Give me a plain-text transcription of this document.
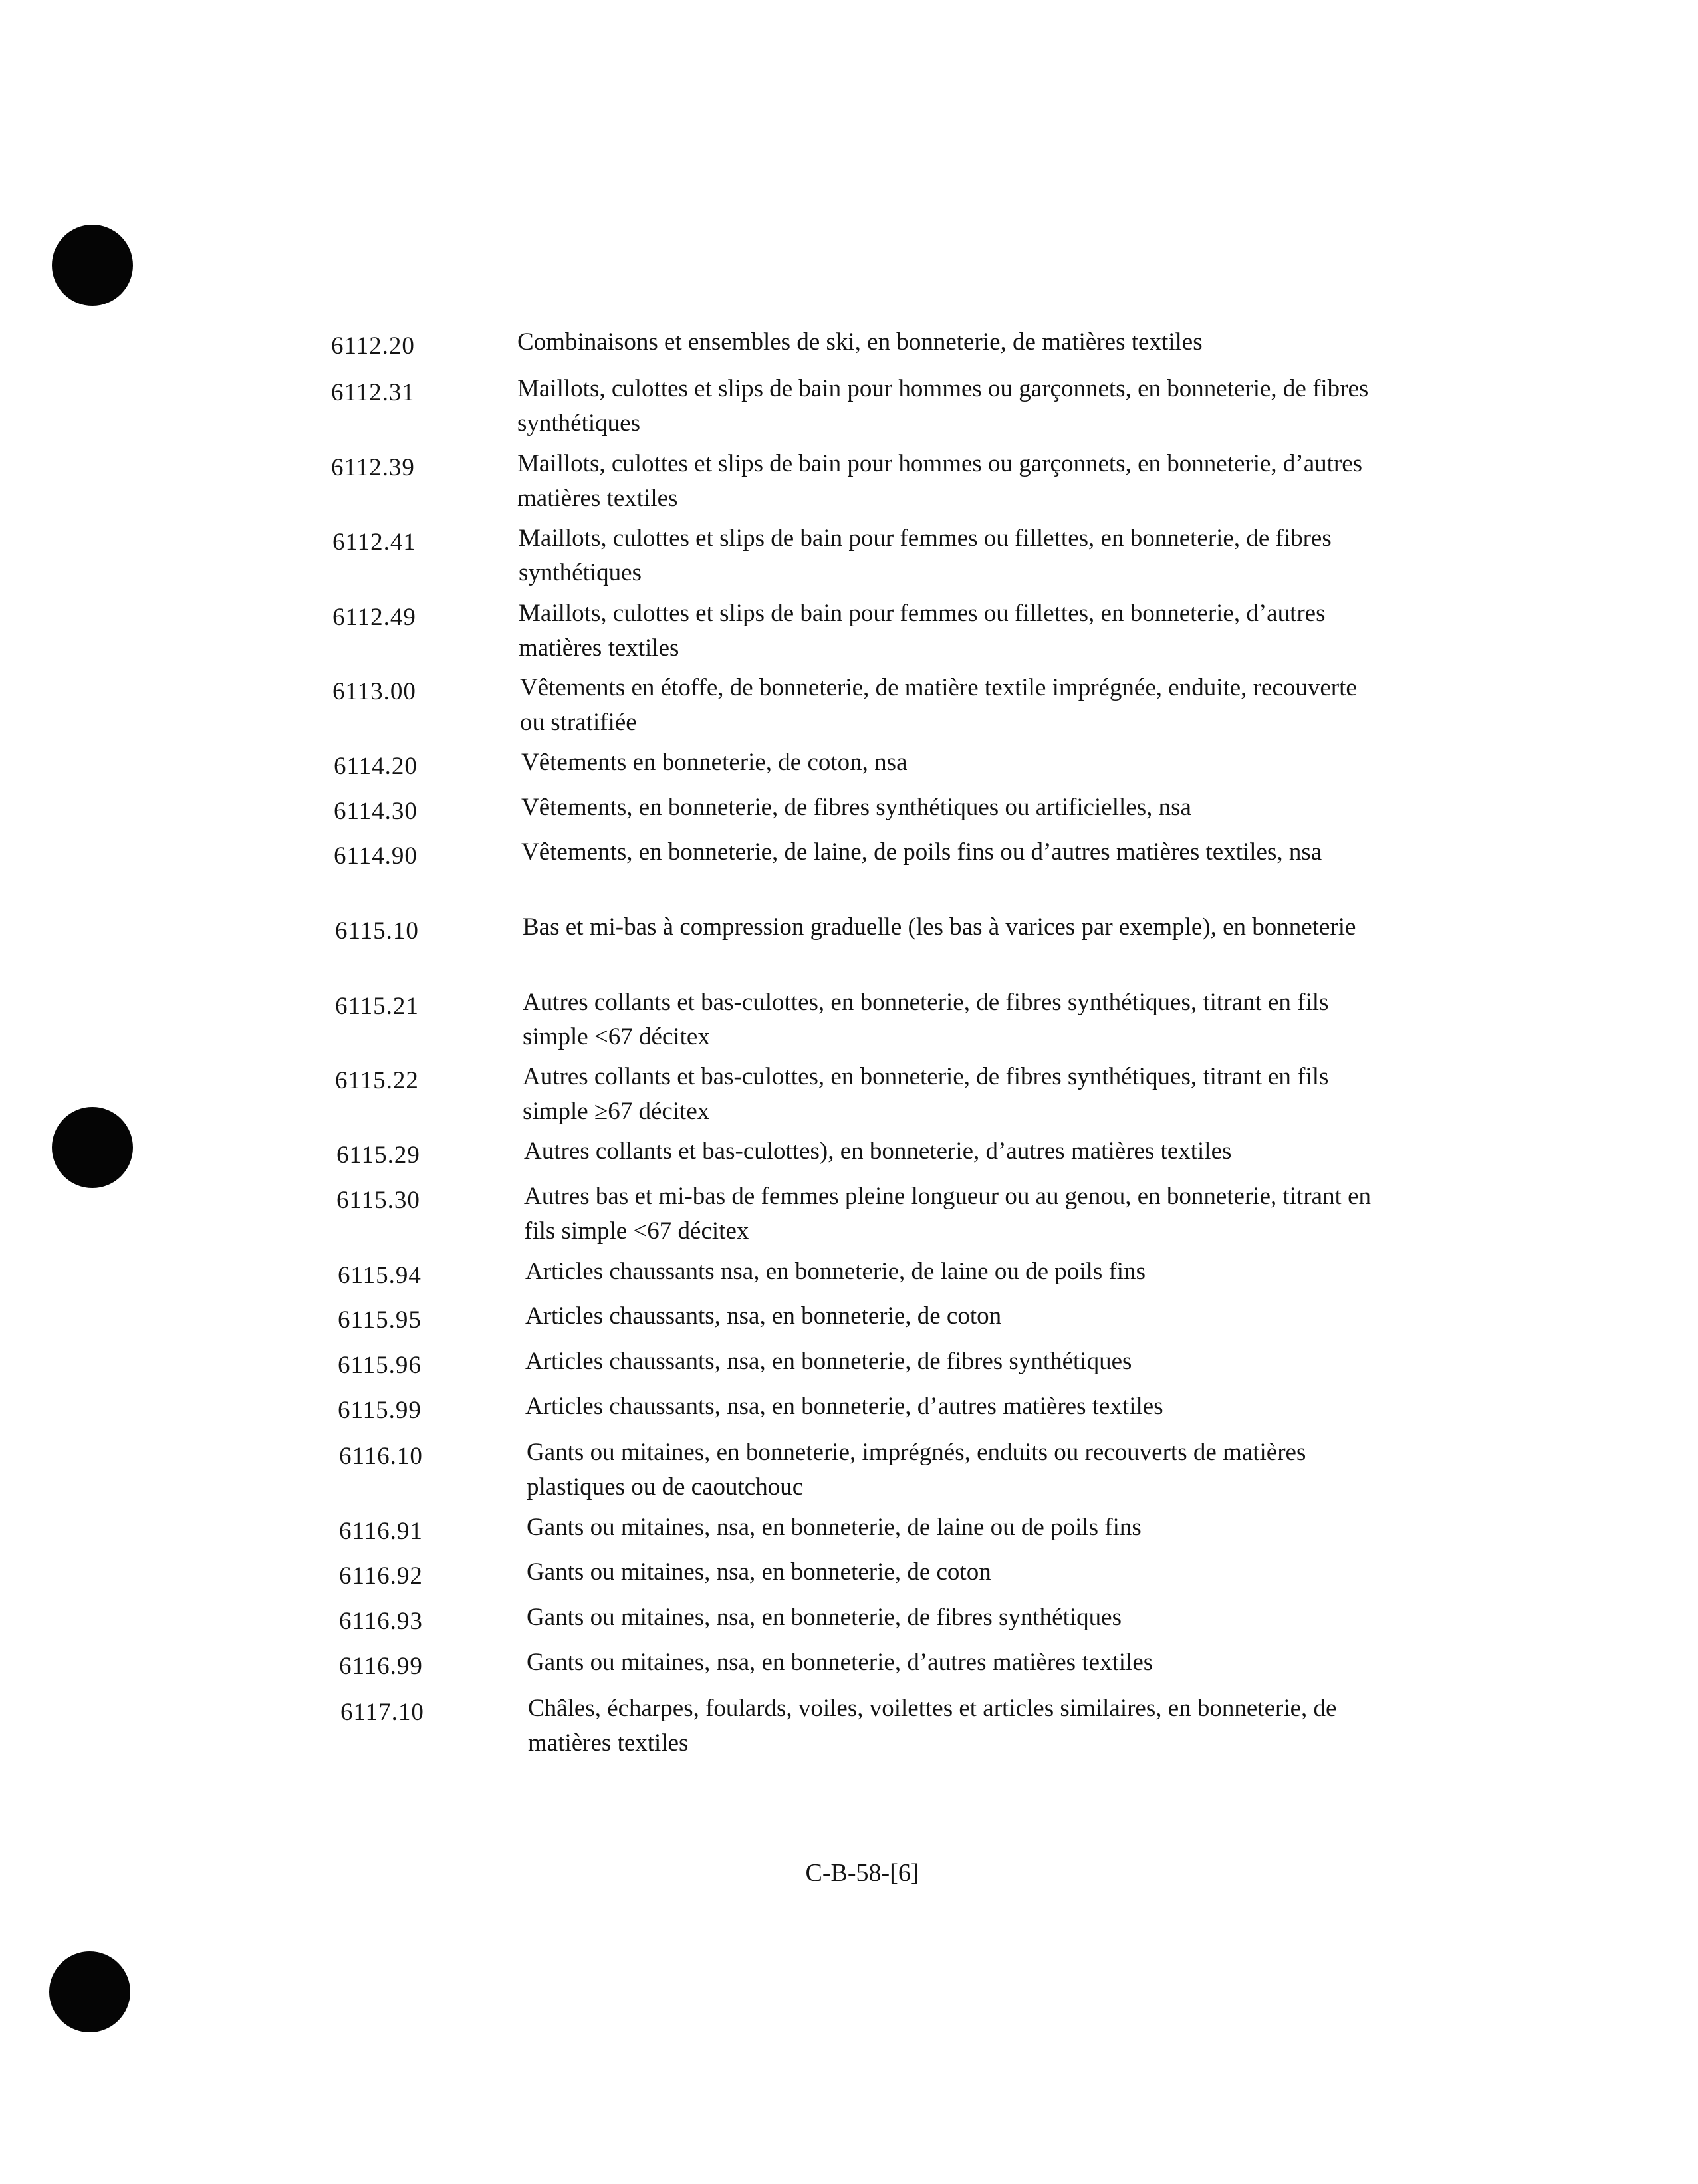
6112.20	Combinaisons et ensembles de ski, en bonneterie, de matières textiles
6112.31	Maillots, culottes et slips de bain pour hommes ou garçonnets, en bonneterie, de fibres synthétiques
6112.39	Maillots, culottes et slips de bain pour hommes ou garçonnets, en bonneterie, d’autres matières textiles
6112.41	Maillots, culottes et slips de bain pour femmes ou fillettes, en bonneterie, de fibres synthétiques
6112.49	Maillots, culottes et slips de bain pour femmes ou fillettes, en bonneterie, d’autres matières textiles
6113.00	Vêtements en étoffe, de bonneterie, de matière textile imprégnée, enduite, recouverte ou stratifiée
6114.20	Vêtements en bonneterie, de coton, nsa
6114.30	Vêtements, en bonneterie, de fibres synthétiques ou artificielles, nsa
6114.90	Vêtements, en bonneterie, de laine, de poils fins ou d’autres matières textiles, nsa
6115.10	Bas et mi-bas à compression graduelle (les bas à varices par exemple), en bonneterie
6115.21	Autres collants et bas-culottes, en bonneterie, de fibres synthétiques, titrant en fils simple <67 décitex
6115.22	Autres collants et bas-culottes, en bonneterie, de fibres synthétiques, titrant en fils simple ≥67 décitex
6115.29	Autres collants et bas-culottes), en bonneterie, d’autres matières textiles
6115.30	Autres bas et mi-bas de femmes pleine longueur ou au genou, en bonneterie, titrant en fils simple <67 décitex
6115.94	Articles chaussants nsa, en bonneterie, de laine ou de poils fins
6115.95	Articles chaussants, nsa, en bonneterie, de coton
6115.96	Articles chaussants, nsa, en bonneterie, de fibres synthétiques
6115.99	Articles chaussants, nsa, en bonneterie, d’autres matières textiles
6116.10	Gants ou mitaines, en bonneterie, imprégnés, enduits ou recouverts de matières plastiques ou de caoutchouc
6116.91	Gants ou mitaines, nsa, en bonneterie, de laine ou de poils fins
6116.92	Gants ou mitaines, nsa, en bonneterie, de coton
6116.93	Gants ou mitaines, nsa, en bonneterie, de fibres synthétiques
6116.99	Gants ou mitaines, nsa, en bonneterie, d’autres matières textiles
6117.10	Châles, écharpes, foulards, voiles, voilettes et articles similaires, en bonneterie, de matières textiles
C-B-58-[6]
